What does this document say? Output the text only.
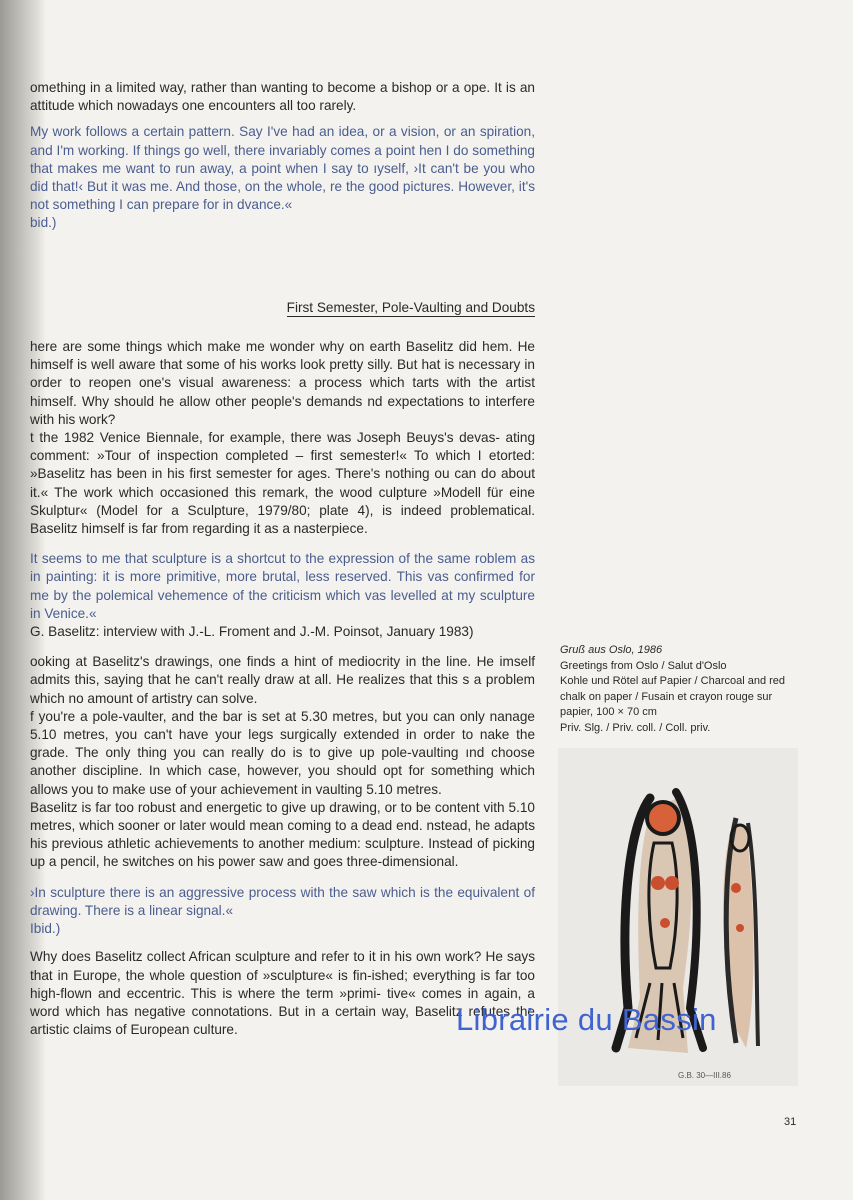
omething in a limited way, rather than wanting to become a bishop or a ope. It is an attitude which nowadays one encounters all too rarely.

My work follows a certain pattern. Say I've had an idea, or a vision, or an spiration, and I'm working. If things go well, there invariably comes a point hen I do something that makes me want to run away, a point when I say to ıyself, ›It can't be you who did that!‹ But it was me. And those, on the whole, re the good pictures. However, it's not something I can prepare for in dvance.«

bid.)

First Semester, Pole-Vaulting and Doubts

here are some things which make me wonder why on earth Baselitz did hem. He himself is well aware that some of his works look pretty silly. But hat is necessary in order to reopen one's visual awareness: a process which tarts with the artist himself. Why should he allow other people's demands nd expectations to interfere with his work?

t the 1982 Venice Biennale, for example, there was Joseph Beuys's devas- ating comment: »Tour of inspection completed – first semester!« To which I etorted: »Baselitz has been in his first semester for ages. There's nothing ou can do about it.« The work which occasioned this remark, the wood culpture »Modell für eine Skulptur« (Model for a Sculpture, 1979/80; plate 4), is indeed problematical. Baselitz himself is far from regarding it as a nasterpiece.

It seems to me that sculpture is a shortcut to the expression of the same roblem as in painting: it is more primitive, more brutal, less reserved. This vas confirmed for me by the polemical vehemence of the criticism which vas levelled at my sculpture in Venice.«

G. Baselitz: interview with J.-L. Froment and J.-M. Poinsot, January 1983)

ooking at Baselitz's drawings, one finds a hint of mediocrity in the line. He imself admits this, saying that he can't really draw at all. He realizes that this s a problem which no amount of artistry can solve.

f you're a pole-vaulter, and the bar is set at 5.30 metres, but you can only nanage 5.10 metres, you can't have your legs surgically extended in order to nake the grade. The only thing you can really do is to give up pole-vaulting ınd choose another discipline. In which case, however, you should opt for something which allows you to make use of your achievement in vaulting 5.10 metres.

Baselitz is far too robust and energetic to give up drawing, or to be content vith 5.10 metres, which sooner or later would mean coming to a dead end. nstead, he adapts his previous athletic achievements to another medium: sculpture. Instead of picking up a pencil, he switches on his power saw and goes three-dimensional.

›In sculpture there is an aggressive process with the saw which is the equivalent of drawing. There is a linear signal.«

Ibid.)

Why does Baselitz collect African sculpture and refer to it in his own work? He says that in Europe, the whole question of »sculpture« is fin-ished; everything is far too high-flown and eccentric. This is where the term »primi- tive« comes in again, a word which has negative connotations. But in a certain way, Baselitz refutes the artistic claims of European culture.

Gruß aus Oslo, 1986
Greetings from Oslo / Salut d'Oslo
Kohle und Rötel auf Papier / Charcoal and red chalk on paper / Fusain et crayon rouge sur papier, 100 × 70 cm
Priv. Slg. / Priv. coll. / Coll. priv.
G.B. 30—III.86
Librairie du Bassin
31
